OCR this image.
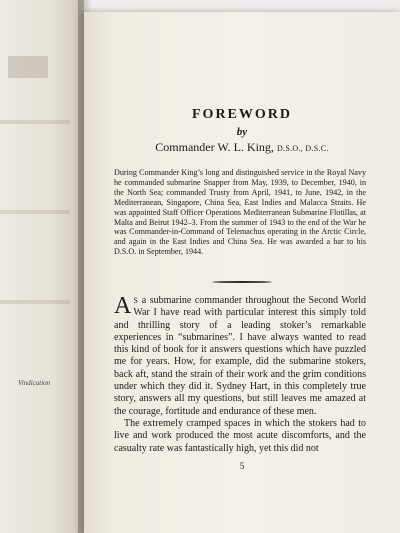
Vindication
FOREWORD
by
Commander W. L. King, D.S.O., D.S.C.

During Commander King’s long and distinguished service in the Royal Navy he commanded submarine Snapper from May, 1939, to December, 1940, in the North Sea; commanded Trusty from April, 1941, to June, 1942, in the Mediterranean, Singapore, China Sea, East Indies and Malacca Straits. He was appointed Staff Officer Operations Mediterranean Submarine Flotillas, at Malta and Beirut 1942–3. From the summer of 1943 to the end of the War he was Commander-in-Command of Telemachus operating in the Arctic Circle, and again in the East Indies and China Sea. He was awarded a bar to his D.S.O. in September, 1944.

A S a submarine commander throughout the Second World War I have read with particular interest this simply told and thrilling story of a leading stoker’s remarkable experiences in “submarines”. I have always wanted to read this kind of book for it answers questions which have puzzled me for years. How, for example, did the submarine stokers, back aft, stand the strain of their work and the grim conditions under which they did it. Sydney Hart, in this completely true story, answers all my questions, but still leaves me amazed at the courage, fortitude and endurance of these men.

The extremely cramped spaces in which the stokers had to live and work produced the most acute discomforts, and the casualty rate was fantastically high, yet this did not

5
